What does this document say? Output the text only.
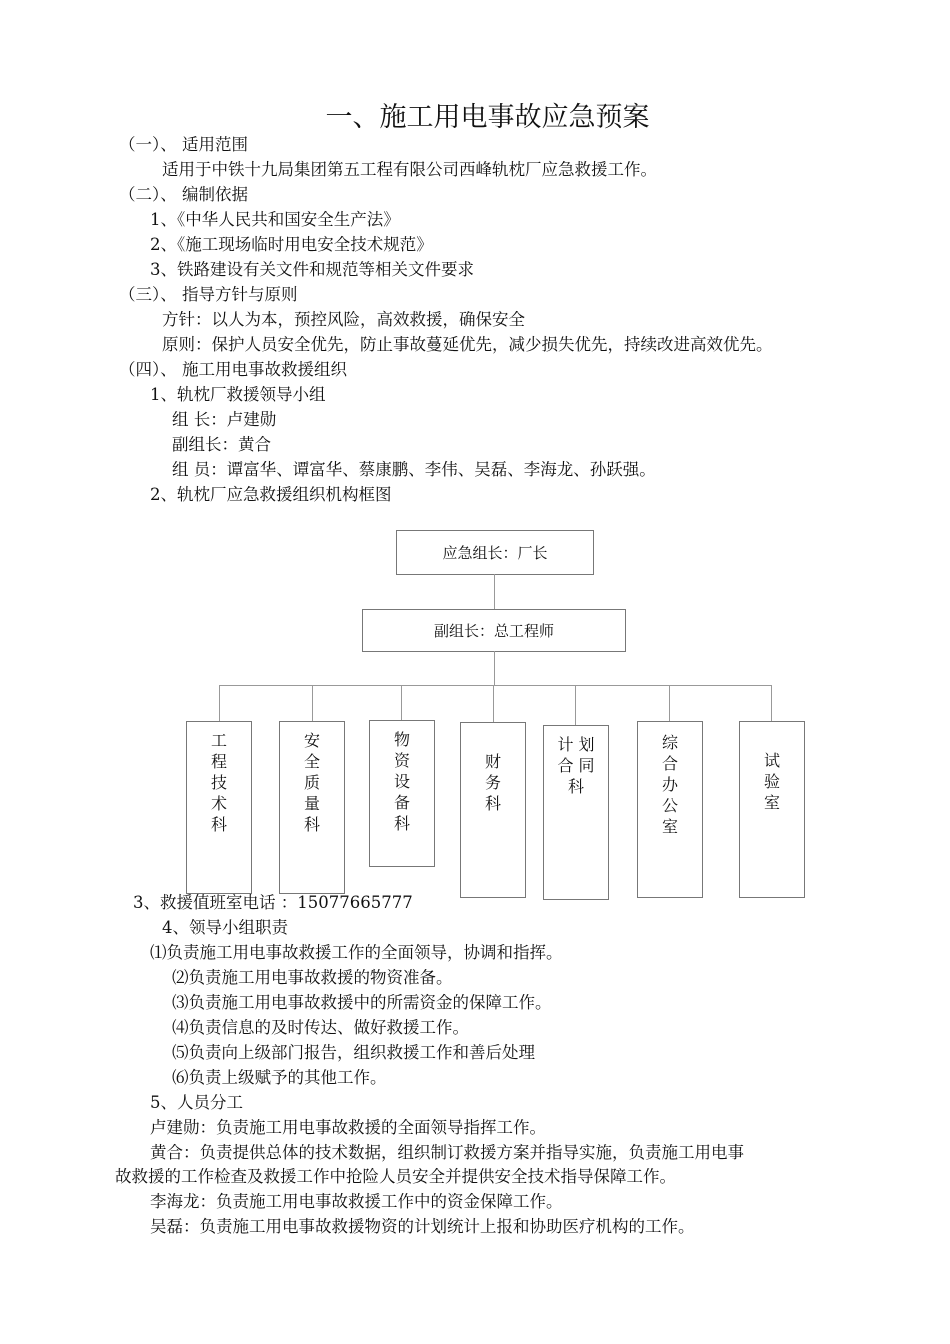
一、施工用电事故应急预案
（一）、 适用范围
适用于中铁十九局集团第五工程有限公司西峰轨枕厂应急救援工作。
（二）、 编制依据
1、《中华人民共和国安全生产法》
2、《施工现场临时用电安全技术规范》
3、铁路建设有关文件和规范等相关文件要求
（三）、 指导方针与原则
方针：以人为本，预控风险，高效救援，确保安全
原则：保护人员安全优先，防止事故蔓延优先，减少损失优先，持续改进高效优先。
（四）、 施工用电事故救援组织
1、轨枕厂救援领导小组
组 长：卢建勋
副组长：黄合
组 员：谭富华、谭富华、蔡康鹏、李伟、吴磊、李海龙、孙跃强。
2、轨枕厂应急救援组织机构框图
应急组长：厂长
副组长：总工程师
工
程
技
术
科
安
全
质
量
科
物
资
设
备
科
财
务
科
计 划
合 同
科
综
合
办
公
室
试
验
室
3、救援值班室电话 ：15077665777
4、领导小组职责
⑴负责施工用电事故救援工作的全面领导，协调和指挥。
⑵负责施工用电事故救援的物资准备。
⑶负责施工用电事故救援中的所需资金的保障工作。
⑷负责信息的及时传达、做好救援工作。
⑸负责向上级部门报告，组织救援工作和善后处理
⑹负责上级赋予的其他工作。
5、人员分工
卢建勋：负责施工用电事故救援的全面领导指挥工作。
黄合：负责提供总体的技术数据，组织制订救援方案并指导实施，负责施工用电事
故救援的工作检查及救援工作中抢险人员安全并提供安全技术指导保障工作。
李海龙：负责施工用电事故救援工作中的资金保障工作。
吴磊：负责施工用电事故救援物资的计划统计上报和协助医疗机构的工作。
